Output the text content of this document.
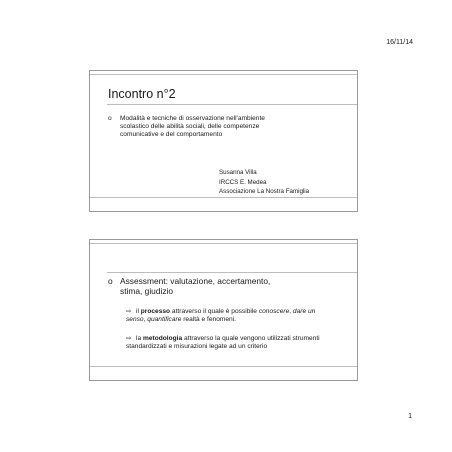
16/11/14
Incontro n°2
o	Modalità e tecniche di osservazione nell'ambiente
scolastico delle abilità sociali, delle competenze
comunicative e del comportamento
Susanna Villa
IRCCS E. Medea
Associazione La Nostra Famiglia
o Assessment: valutazione, accertamento,
stima, giudizio
⇨ il processo attraverso il quale è possibile conoscere, dare un senso, quantificare realtà e fenomeni.
⇨ la metodologia attraverso la quale vengono utilizzati strumenti standardizzati e misurazioni legate ad un criterio
1
